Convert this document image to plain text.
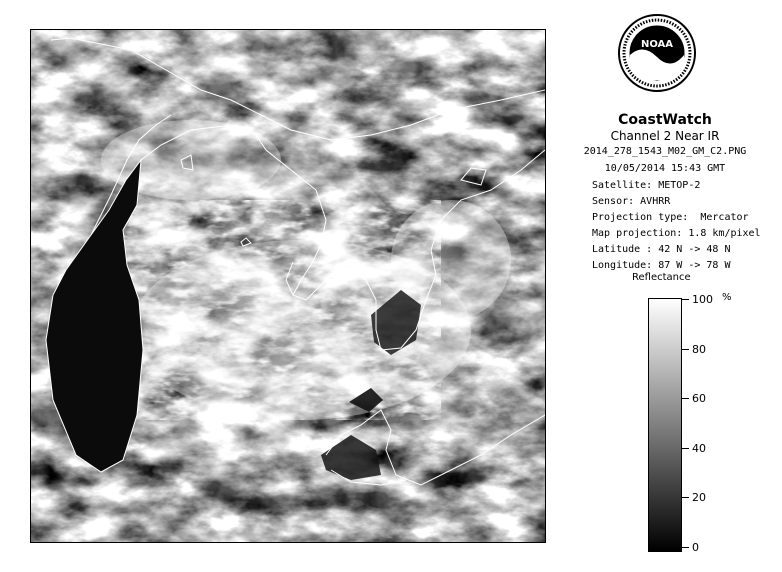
NOAA
CoastWatch
Channel 2 Near IR
2014_278_1543_M02_GM_C2.PNG
10/05/2014 15:43 GMT
Satellite: METOP-2
Sensor: AVHRR
Projection type:  Mercator
Map projection: 1.8 km/pixel
Latitude : 42 N -> 48 N
Longitude: 87 W -> 78 W
Reflectance
%
100
80
60
40
20
0
